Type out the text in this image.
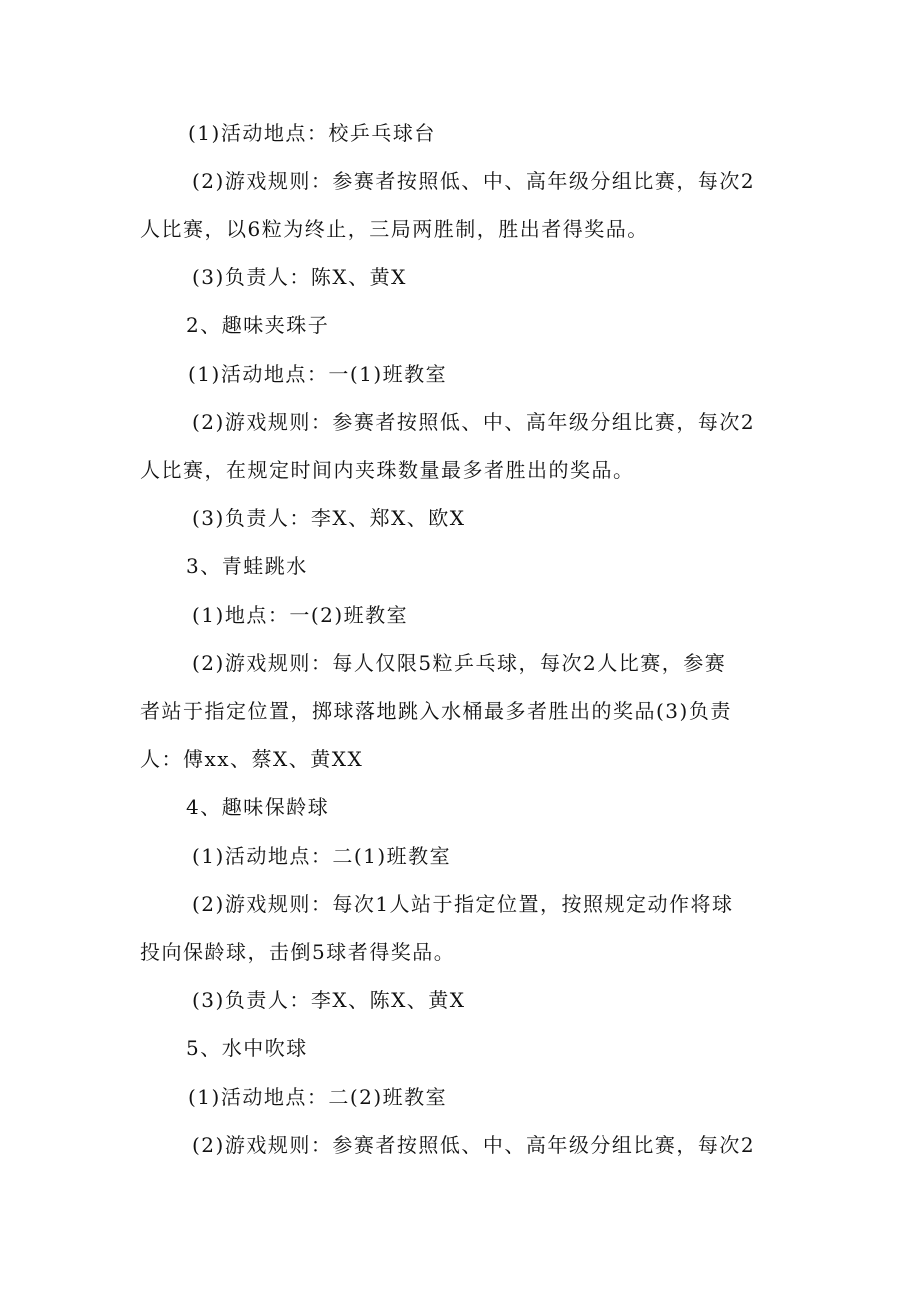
(1)活动地点：校乒乓球台
(2)游戏规则：参赛者按照低、中、高年级分组比赛，每次2
人比赛，以6粒为终止，三局两胜制，胜出者得奖品。
(3)负责人：陈X、黄X
2、趣味夹珠子
(1)活动地点：一(1)班教室
(2)游戏规则：参赛者按照低、中、高年级分组比赛，每次2
人比赛，在规定时间内夹珠数量最多者胜出的奖品。
(3)负责人：李X、郑X、欧X
3、青蛙跳水
(1)地点：一(2)班教室
(2)游戏规则：每人仅限5粒乒乓球，每次2人比赛，参赛
者站于指定位置，掷球落地跳入水桶最多者胜出的奖品(3)负责
人：傅xx、蔡X、黄XX
4、趣味保龄球
(1)活动地点：二(1)班教室
(2)游戏规则：每次1人站于指定位置，按照规定动作将球
投向保龄球，击倒5球者得奖品。
(3)负责人：李X、陈X、黄X
5、水中吹球
(1)活动地点：二(2)班教室
(2)游戏规则：参赛者按照低、中、高年级分组比赛，每次2
